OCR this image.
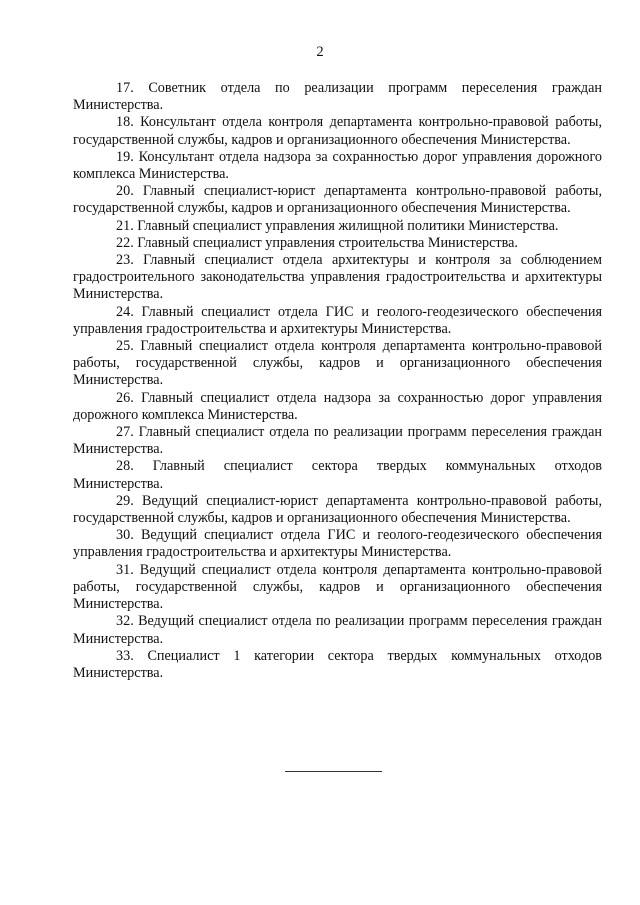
2

17. Советник отдела по реализации программ переселения граждан Министерства.

18. Консультант отдела контроля департамента контрольно-правовой работы, государственной службы, кадров и организационного обеспечения Министерства.

19. Консультант отдела надзора за сохранностью дорог управления дорожного комплекса Министерства.

20. Главный специалист-юрист департамента контрольно-правовой работы, государственной службы, кадров и организационного обеспечения Министерства.

21. Главный специалист управления жилищной политики Министерства.

22. Главный специалист управления строительства Министерства.

23. Главный специалист отдела архитектуры и контроля за соблюдением градостроительного законодательства управления градостроительства и архитектуры Министерства.

24. Главный специалист отдела ГИС и геолого-геодезического обеспечения управления градостроительства и архитектуры Министерства.

25. Главный специалист отдела контроля департамента контрольно-правовой работы, государственной службы, кадров и организационного обеспечения Министерства.

26. Главный специалист отдела надзора за сохранностью дорог управления дорожного комплекса Министерства.

27. Главный специалист отдела по реализации программ переселения граждан Министерства.

28. Главный специалист сектора твердых коммунальных отходов Министерства.

29. Ведущий специалист-юрист департамента контрольно-правовой работы, государственной службы, кадров и организационного обеспечения Министерства.

30. Ведущий специалист отдела ГИС и геолого-геодезического обеспечения управления градостроительства и архитектуры Министерства.

31. Ведущий специалист отдела контроля департамента контрольно-правовой работы, государственной службы, кадров и организационного обеспечения Министерства.

32. Ведущий специалист отдела по реализации программ переселения граждан Министерства.

33. Специалист 1 категории сектора твердых коммунальных отходов Министерства.
